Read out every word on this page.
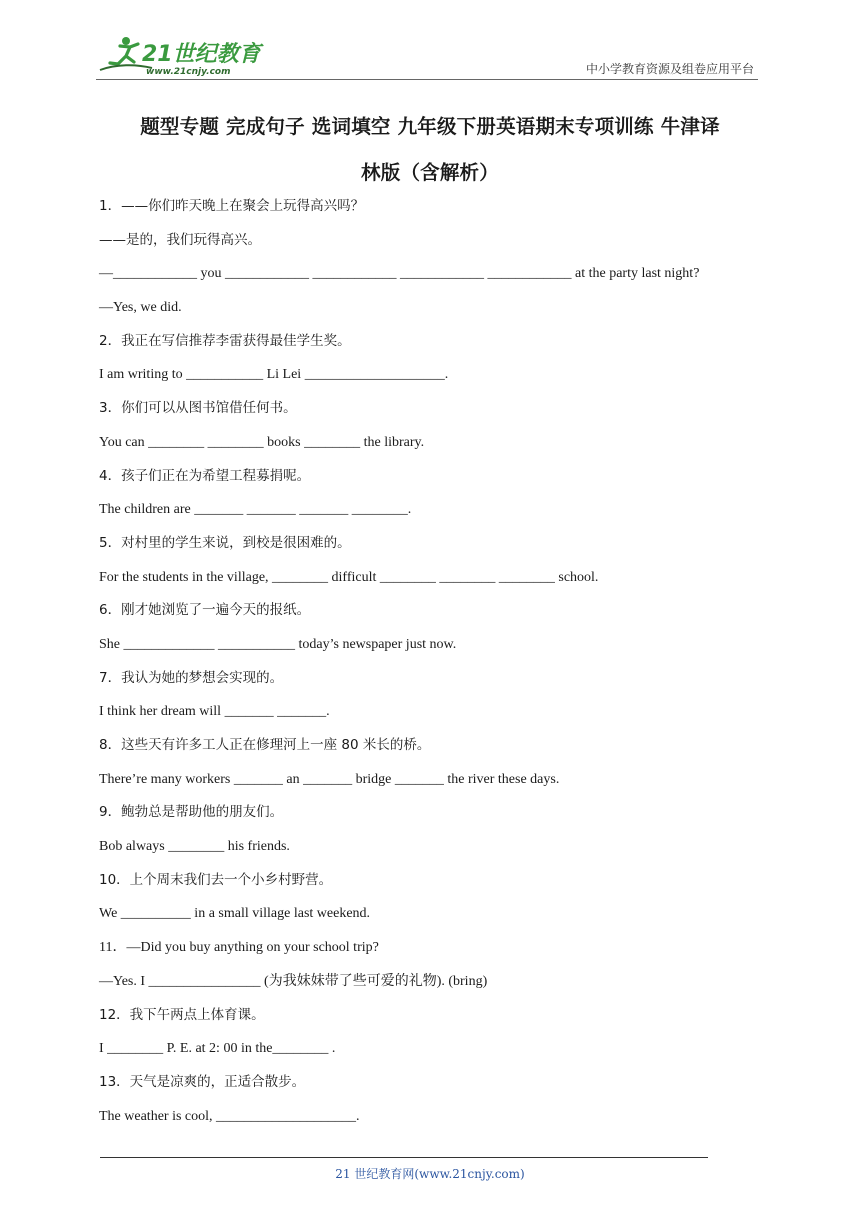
21世纪教育
www.21cnjy.com	中小学教育资源及组卷应用平台
题型专题 完成句子 选词填空 九年级下册英语期末专项训练 牛津译
林版（含解析）
1．——你们昨天晚上在聚会上玩得高兴吗？
——是的，我们玩得高兴。
—____________ you ____________ ____________ ____________ ____________ at the party last night?
—Yes, we did.
2．我正在写信推荐李雷获得最佳学生奖。
I am writing to ___________ Li Lei ____________________.
3．你们可以从图书馆借任何书。
You can ________ ________ books ________ the library.
4．孩子们正在为希望工程募捐呢。
The children are _______ _______ _______ ________.
5．对村里的学生来说，到校是很困难的。
For the students in the village, ________ difficult ________ ________ ________ school.
6．刚才她浏览了一遍今天的报纸。
She _____________ ___________ today’s newspaper just now.
7．我认为她的梦想会实现的。
I think her dream will _______ _______.
8．这些天有许多工人正在修理河上一座 80 米长的桥。
There’re many workers _______ an _______ bridge _______ the river these days.
9．鲍勃总是帮助他的朋友们。
Bob always ________ his friends.
10．上个周末我们去一个小乡村野营。
We __________ in a small village last weekend.
11．—Did you buy anything on your school trip?
—Yes. I ________________ (为我妹妹带了些可爱的礼物). (bring)
12．我下午两点上体育课。
I ________ P. E. at 2: 00 in the________ .
13．天气是凉爽的，正适合散步。
The weather is cool, ____________________.
21 世纪教育网(www.21cnjy.com)
